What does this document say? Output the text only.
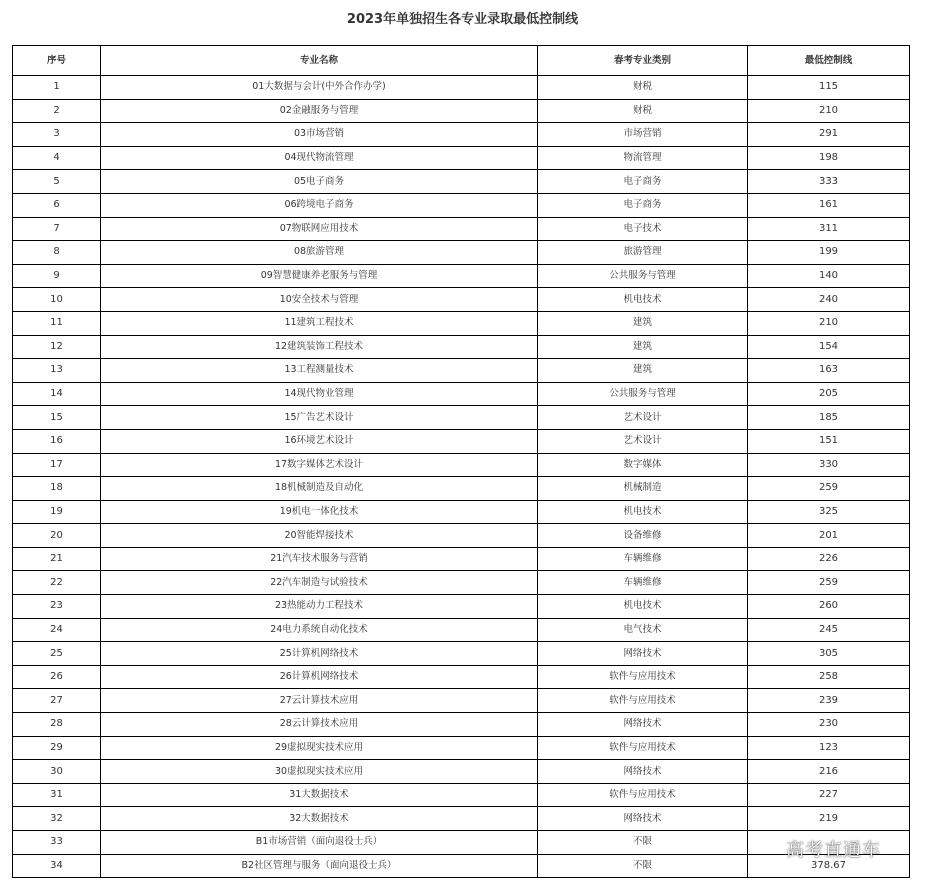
2023年单独招生各专业录取最低控制线
序号	专业名称	春考专业类别	最低控制线
1	01大数据与会计(中外合作办学)	财税	115
2	02金融服务与管理	财税	210
3	03市场营销	市场营销	291
4	04现代物流管理	物流管理	198
5	05电子商务	电子商务	333
6	06跨境电子商务	电子商务	161
7	07物联网应用技术	电子技术	311
8	08旅游管理	旅游管理	199
9	09智慧健康养老服务与管理	公共服务与管理	140
10	10安全技术与管理	机电技术	240
11	11建筑工程技术	建筑	210
12	12建筑装饰工程技术	建筑	154
13	13工程测量技术	建筑	163
14	14现代物业管理	公共服务与管理	205
15	15广告艺术设计	艺术设计	185
16	16环境艺术设计	艺术设计	151
17	17数字媒体艺术设计	数字媒体	330
18	18机械制造及自动化	机械制造	259
19	19机电一体化技术	机电技术	325
20	20智能焊接技术	设备维修	201
21	21汽车技术服务与营销	车辆维修	226
22	22汽车制造与试验技术	车辆维修	259
23	23热能动力工程技术	机电技术	260
24	24电力系统自动化技术	电气技术	245
25	25计算机网络技术	网络技术	305
26	26计算机网络技术	软件与应用技术	258
27	27云计算技术应用	软件与应用技术	239
28	28云计算技术应用	网络技术	230
29	29虚拟现实技术应用	软件与应用技术	123
30	30虚拟现实技术应用	网络技术	216
31	31大数据技术	软件与应用技术	227
32	32大数据技术	网络技术	219
33	B1市场营销（面向退役士兵）	不限	
34	B2社区管理与服务（面向退役士兵）	不限	378.67
高考直通车
